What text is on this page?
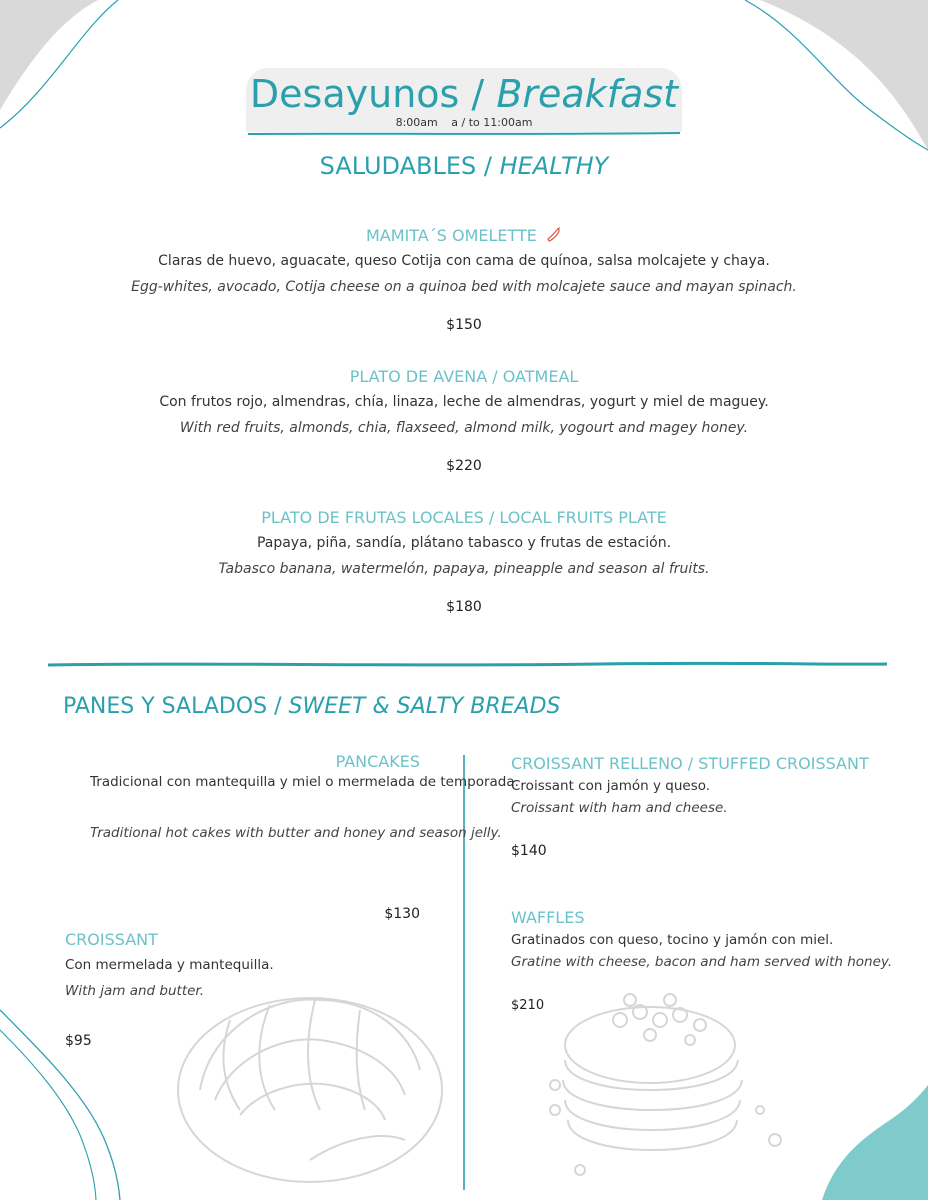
Desayunos / Breakfast
8:00am a / to 11:00am
SALUDABLES / HEALTHY
MAMITA´S OMELETTE
Claras de huevo, aguacate, queso Cotija con cama de quínoa, salsa molcajete y chaya.
Egg-whites, avocado, Cotija cheese on a quinoa bed with molcajete sauce and mayan spinach.
$150
PLATO DE AVENA / OATMEAL
Con frutos rojo, almendras, chía, linaza, leche de almendras, yogurt y miel de maguey.
With red fruits, almonds, chia, flaxseed, almond milk, yogourt and magey honey.
$220
PLATO DE FRUTAS LOCALES / LOCAL FRUITS PLATE
Papaya, piña, sandía, plátano tabasco y frutas de estación.
Tabasco banana, watermelón, papaya, pineapple and season al fruits.
$180
PANES Y SALADOS / SWEET & SALTY BREADS
PANCAKES
Tradicional con mantequilla y miel o mermelada de temporada.
Traditional hot cakes with butter and honey and season jelly.
$130
CROISSANT
Con mermelada y mantequilla.
With jam and butter.
$95
CROISSANT RELLENO / STUFFED CROISSANT
Croissant con jamón y queso.
Croissant with ham and cheese.
$140
WAFFLES
Gratinados con queso, tocino y jamón con miel.
Gratine with cheese, bacon and ham served with honey.
$210
